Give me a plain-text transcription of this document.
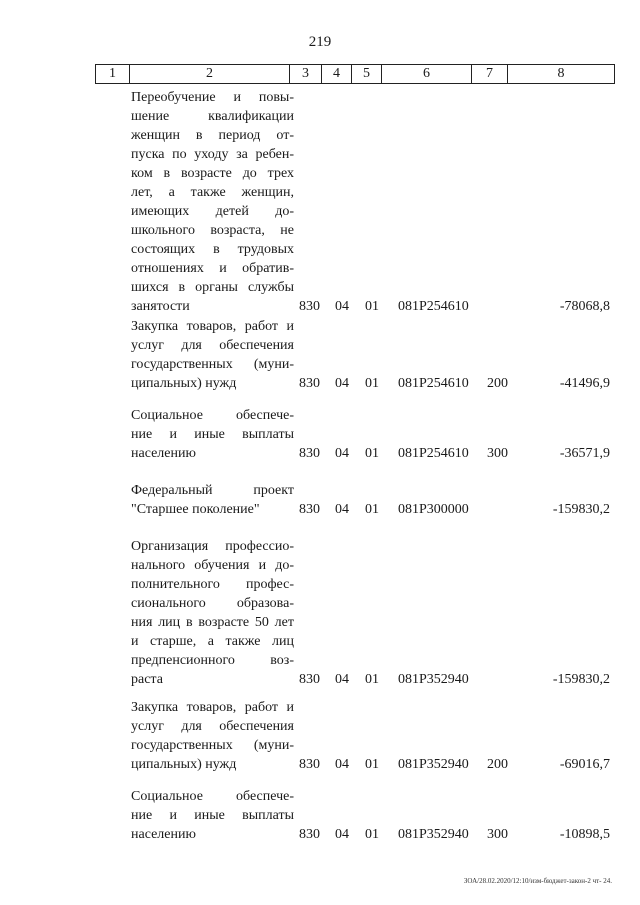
219
1	2	3	4	5	6	7	8
Переобучение и повы-
шение квалификации
женщин в период от-
пуска по уходу за ребен-
ком в возрасте до трех
лет, а также женщин,
имеющих детей до-
школьного возраста, не
состоящих в трудовых
отношениях и обратив-
шихся в органы службы
занятости	830 04 01 081P254610	-78068,8
Закупка товаров, работ и
услуг для обеспечения
государственных (муни-
ципальных) нужд	830 04 01 081P254610 200	-41496,9
Социальное обеспече-
ние и иные выплаты
населению	830 04 01 081P254610 300	-36571,9
Федеральный проект
"Старшее поколение"	830 04 01 081P300000	-159830,2
Организация профессио-
нального обучения и до-
полнительного профес-
сионального образова-
ния лиц в возрасте 50 лет
и старше, а также лиц
предпенсионного воз-
раста	830 04 01 081P352940	-159830,2
Закупка товаров, работ и
услуг для обеспечения
государственных (муни-
ципальных) нужд	830 04 01 081P352940 200	-69016,7
Социальное обеспече-
ние и иные выплаты
населению	830 04 01 081P352940 300	-10898,5
ЗОА/28.02.2020/12:10/изм-бюджет-закон-2 чт- 24.
